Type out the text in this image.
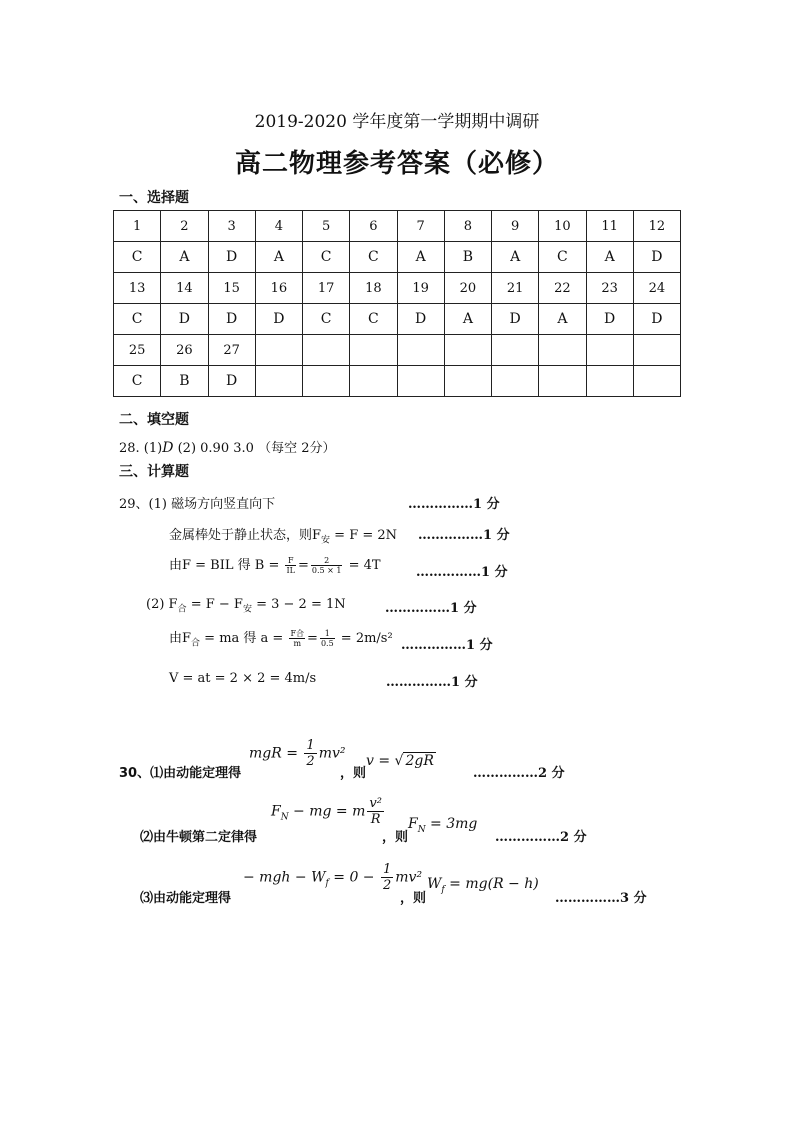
2019-2020 学年度第一学期期中调研
高二物理参考答案（必修）
一、选择题
1	2	3	4	5	6	7	8	9	10	11	12
C	A	D	A	C	C	A	B	A	C	A	D
13	14	15	16	17	18	19	20	21	22	23	24
C	D	D	D	C	C	D	A	D	A	D	D
25	26	27									
C	B	D									
二、填空题
28. (1)D (2) 0.90 3.0 （每空 2分）
三、计算题
29、(1) 磁场方向竖直向下	……………1 分
金属棒处于静止状态，则$F_安 = F = 2N$ ……………1 分
由F = BIL 得 $B = \frac{F}{IL} = \frac{2}{0.5 \times 1} = 4T$	……………1 分
(2) $F_合 = F - F_安 = 3 - 2 = 1N$	……………1 分
由$F_合$ = ma 得 $a = \frac{\text{F合}}{m} = \frac{1}{0.5} = 2m/s^2$ ……………1 分
V = at = 2 × 2 = 4m/s	……………1 分
30、⑴由动能定理得
mgR = $\frac{1}{2} mv^2$
，则
v = √ 2gR
……………2 分
⑵由牛顿第二定律得
$F_N$ − mg = m $\frac{\text{v²}}{R}$
，则
$F_N = 3mg$
……………2 分
⑶由动能定理得
− mgh − $W_f = 0 - \frac{1}{2} mv^2$
，则
$W_f = mg(R - h)$
……………3 分
